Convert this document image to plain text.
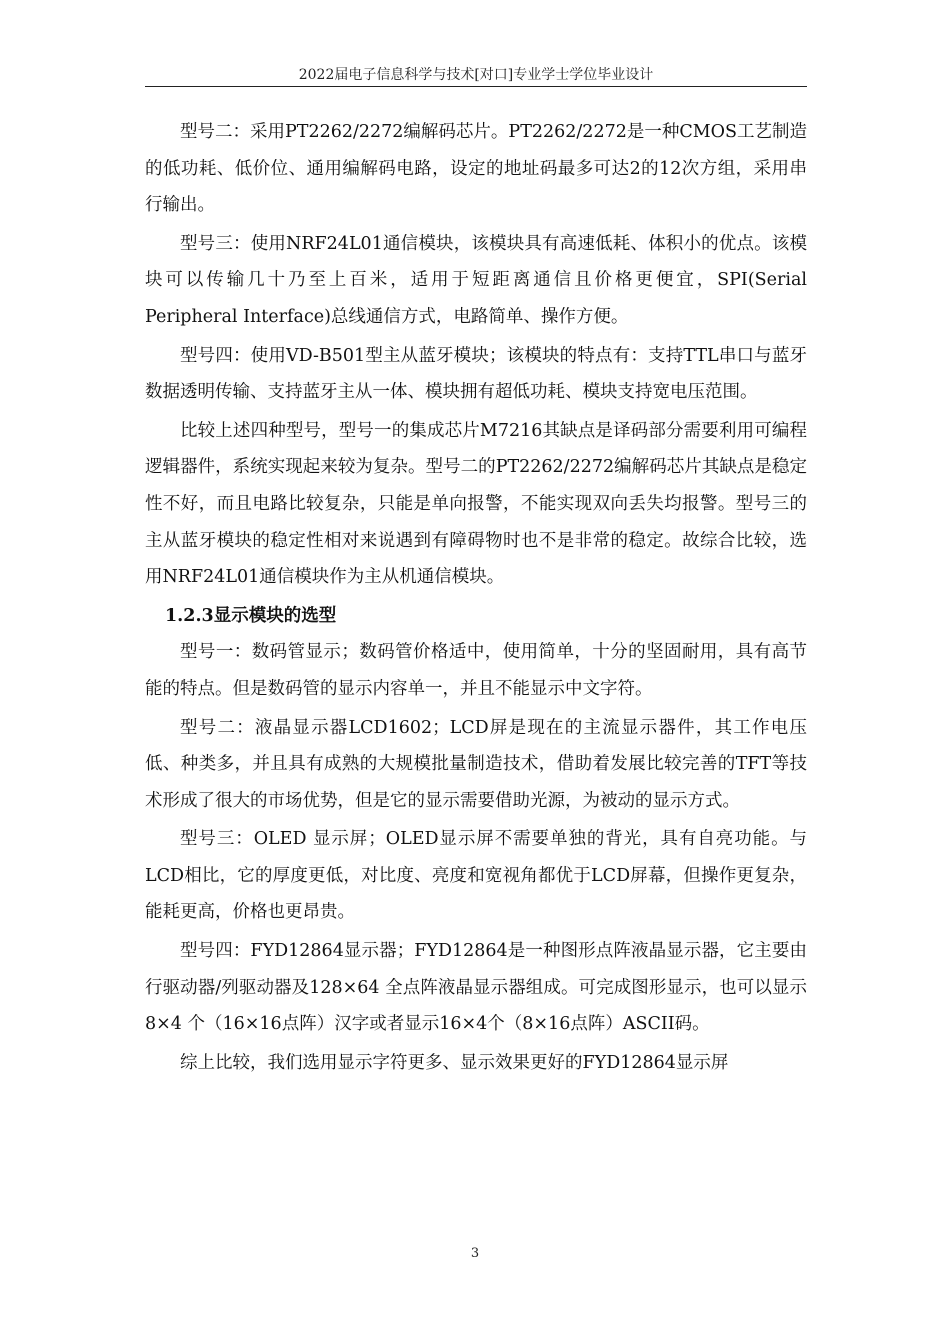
2022届电子信息科学与技术[对口]专业学士学位毕业设计

型号二：采用PT2262/2272编解码芯片。PT2262/2272是一种CMOS工艺制造的低功耗、低价位、通用编解码电路，设定的地址码最多可达2的12次方组，采用串行输出。

型号三：使用NRF24L01通信模块，该模块具有高速低耗、体积小的优点。该模块可以传输几十乃至上百米，适用于短距离通信且价格更便宜，SPI(Serial Peripheral Interface)总线通信方式，电路简单、操作方便。

型号四：使用VD-B501型主从蓝牙模块；该模块的特点有：支持TTL串口与蓝牙数据透明传输、支持蓝牙主从一体、模块拥有超低功耗、模块支持宽电压范围。

比较上述四种型号，型号一的集成芯片M7216其缺点是译码部分需要利用可编程逻辑器件，系统实现起来较为复杂。型号二的PT2262/2272编解码芯片其缺点是稳定性不好，而且电路比较复杂，只能是单向报警，不能实现双向丢失均报警。型号三的主从蓝牙模块的稳定性相对来说遇到有障碍物时也不是非常的稳定。故综合比较，选用NRF24L01通信模块作为主从机通信模块。

1.2.3显示模块的选型

型号一：数码管显示；数码管价格适中，使用简单，十分的坚固耐用，具有高节能的特点。但是数码管的显示内容单一，并且不能显示中文字符。

型号二：液晶显示器LCD1602；LCD屏是现在的主流显示器件，其工作电压低、种类多，并且具有成熟的大规模批量制造技术，借助着发展比较完善的TFT等技术形成了很大的市场优势，但是它的显示需要借助光源，为被动的显示方式。

型号三：OLED 显示屏；OLED显示屏不需要单独的背光，具有自亮功能。与LCD相比，它的厚度更低，对比度、亮度和宽视角都优于LCD屏幕，但操作更复杂，能耗更高，价格也更昂贵。

型号四：FYD12864显示器；FYD12864是一种图形点阵液晶显示器，它主要由行驱动器/列驱动器及128×64 全点阵液晶显示器组成。可完成图形显示，也可以显示8×4 个（16×16点阵）汉字或者显示16×4个（8×16点阵）ASCII码。

综上比较，我们选用显示字符更多、显示效果更好的FYD12864显示屏

3
